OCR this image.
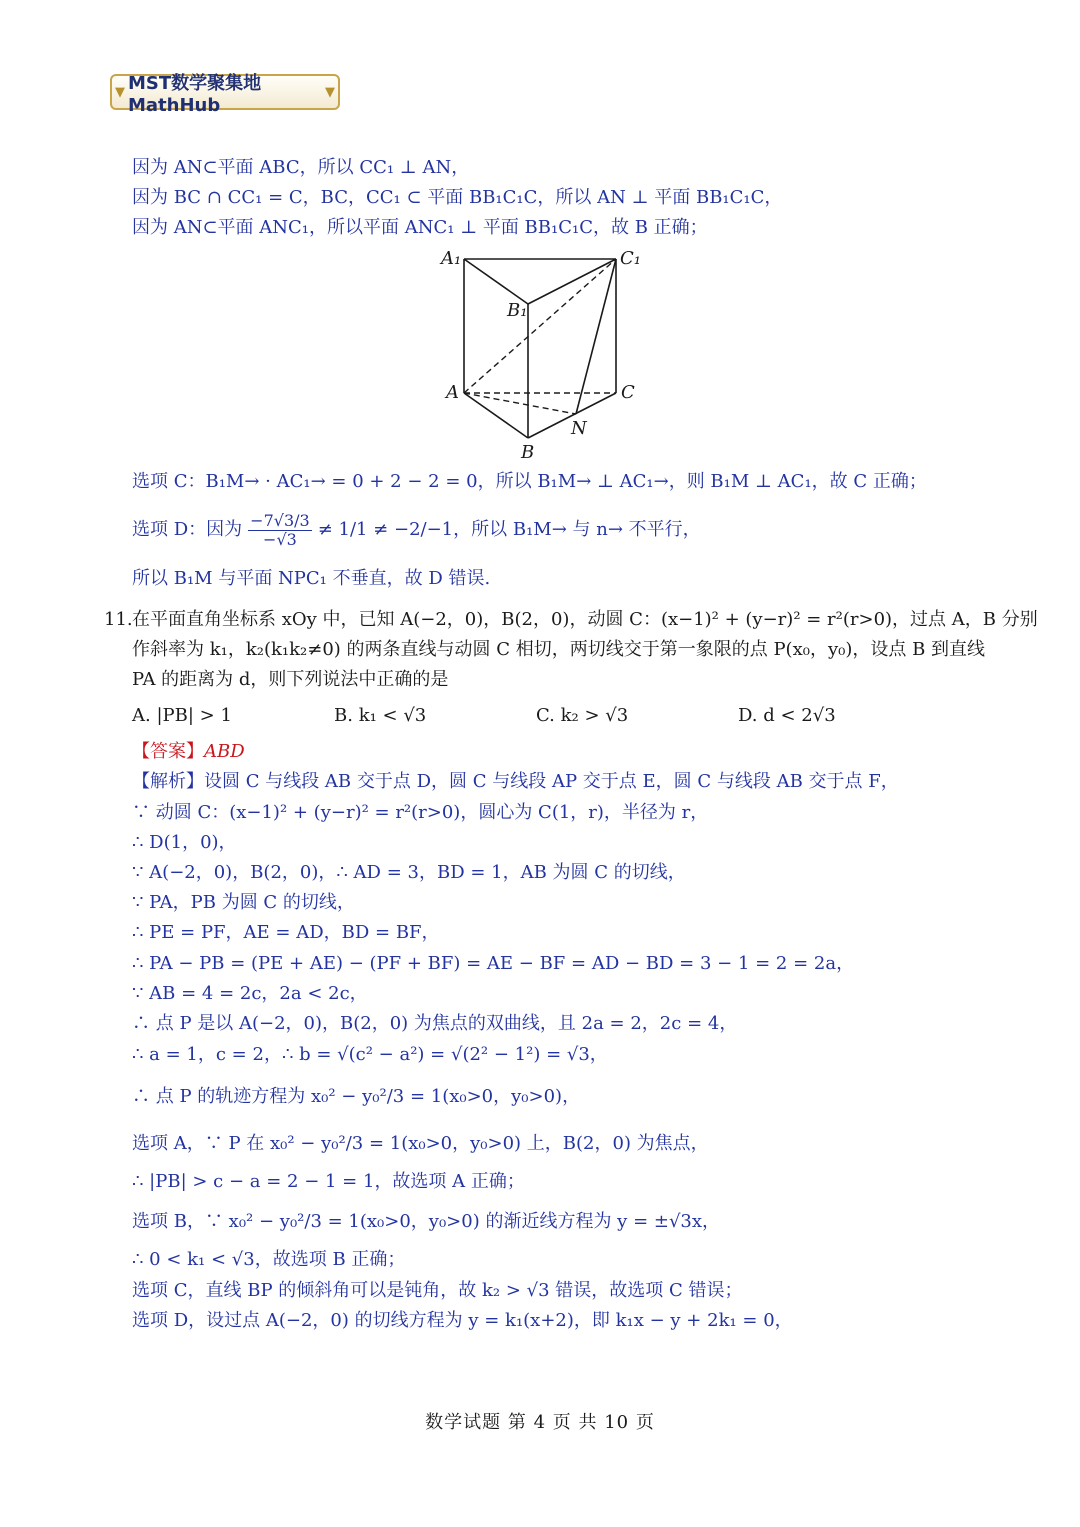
▼ MST数学聚集地MathHub
▼
因为 AN⊂平面 ABC，所以 CC₁ ⊥ AN，
因为 BC ∩ CC₁ = C，BC，CC₁ ⊂ 平面 BB₁C₁C，所以 AN ⊥ 平面 BB₁C₁C，
因为 AN⊂平面 ANC₁，所以平面 ANC₁ ⊥ 平面 BB₁C₁C，故 B 正确；
A₁	C₁
B₁
A	C
N
B
选项 C：B₁M→ · AC₁→ = 0 + 2 − 2 = 0，所以 B₁M→ ⊥ AC₁→，则 B₁M ⊥ AC₁，故 C 正确；
选项 D：因为 $\frac{-7√3/3}{-√3} \ne 1/1 \ne -2/-1$ ，所以 B₁M→ 与 n→ 不平行，
所以 B₁M 与平面 NPC₁ 不垂直，故 D 错误.
11. 在平面直角坐标系 xOy 中，已知 A(−2，0)，B(2，0)，动圆 C：(x−1)² + (y−r)² = r²(r>0)，过点 A，B 分别
作斜率为 k₁，k₂(k₁k₂≠0) 的两条直线与动圆 C 相切，两切线交于第一象限的点 P(x₀，y₀)，设点 B 到直线
PA 的距离为 d，则下列说法中正确的是
A. |PB| > 1	B. k₁ < √3	C. k₂ > √3	D. d < 2√3
【答案】ABD
【解析】设圆 C 与线段 AB 交于点 D，圆 C 与线段 AP 交于点 E，圆 C 与线段 AB 交于点 F，
∵ 动圆 C：(x−1)² + (y−r)² = r²(r>0)，圆心为 C(1，r)，半径为 r，
∴ D(1，0)，
∵ A(−2，0)，B(2，0)，∴ AD = 3，BD = 1，AB 为圆 C 的切线，
∵ PA，PB 为圆 C 的切线，
∴ PE = PF，AE = AD，BD = BF，
∴ PA − PB = (PE + AE) − (PF + BF) = AE − BF = AD − BD = 3 − 1 = 2 = 2a，
∵ AB = 4 = 2c，2a < 2c，
∴ 点 P 是以 A(−2，0)，B(2，0) 为焦点的双曲线，且 2a = 2，2c = 4，
∴ a = 1，c = 2，∴ b = √(c² − a²) = √(2² − 1²) = √3，
∴ 点 P 的轨迹方程为 x₀² − y₀²/3 = 1(x₀>0，y₀>0)，
选项 A，∵ P 在 x₀² − y₀²/3 = 1(x₀>0，y₀>0) 上，B(2，0) 为焦点，
∴ |PB| > c − a = 2 − 1 = 1，故选项 A 正确；
选项 B，∵ x₀² − y₀²/3 = 1(x₀>0，y₀>0) 的渐近线方程为 y = ±√3x，
∴ 0 < k₁ < √3，故选项 B 正确；
选项 C，直线 BP 的倾斜角可以是钝角，故 k₂ > √3 错误，故选项 C 错误；
选项 D，设过点 A(−2，0) 的切线方程为 y = k₁(x+2)，即 k₁x − y + 2k₁ = 0，
数学试题 第 4 页 共 10 页
